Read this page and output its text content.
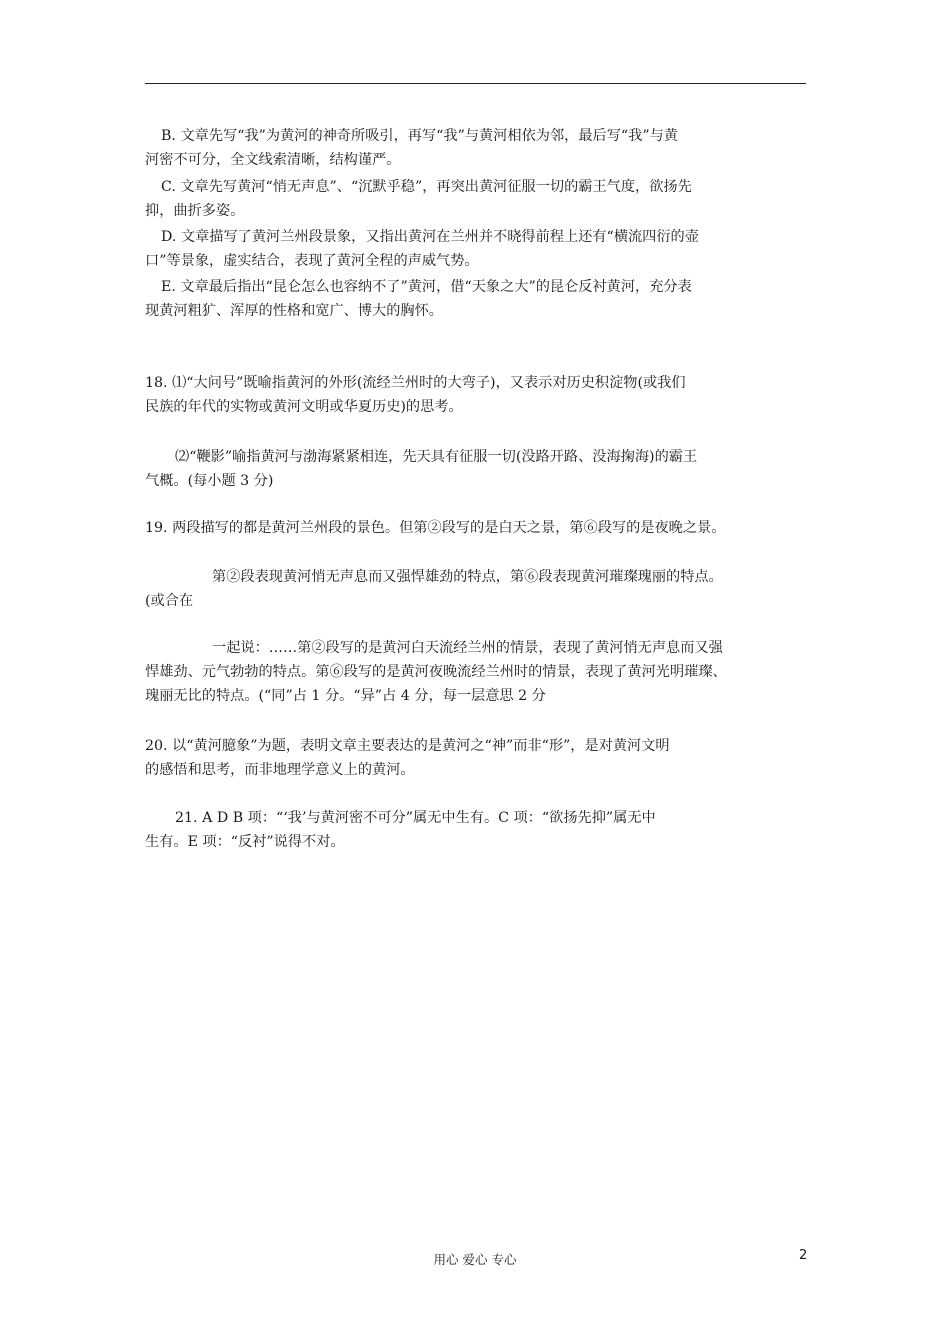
B. 文章先写“我”为黄河的神奇所吸引，再写“我”与黄河相依为邻，最后写“我”与黄
河密不可分，全文线索清晰，结构谨严。
C. 文章先写黄河“悄无声息”、“沉默乎稳”，再突出黄河征服一切的霸王气度，欲扬先
抑，曲折多姿。
D. 文章描写了黄河兰州段景象，又指出黄河在兰州并不晓得前程上还有“横流四衍的壶
口”等景象，虚实结合，表现了黄河全程的声威气势。
E. 文章最后指出“昆仑怎么也容纳不了”黄河，借“天象之大”的昆仑反衬黄河，充分表
现黄河粗犷、浑厚的性格和宽广、博大的胸怀。
18. ⑴“大问号”既喻指黄河的外形(流经兰州时的大弯子)，又表示对历史积淀物(或我们
民族的年代的实物或黄河文明或华夏历史)的思考。
⑵“鞭影”喻指黄河与渤海紧紧相连，先天具有征服一切(没路开路、没海掬海)的霸王
气概。(每小题 3 分)
19. 两段描写的都是黄河兰州段的景色。但第②段写的是白天之景，第⑥段写的是夜晚之景。
第②段表现黄河悄无声息而又强悍雄劲的特点，第⑥段表现黄河璀璨瑰丽的特点。
(或合在
一起说：……第②段写的是黄河白天流经兰州的情景，表现了黄河悄无声息而又强
悍雄劲、元气勃勃的特点。第⑥段写的是黄河夜晚流经兰州时的情景，表现了黄河光明璀璨、
瑰丽无比的特点。(“同”占 1 分。“异”占 4 分，每一层意思 2 分
20. 以“黄河臆象”为题，表明文章主要表达的是黄河之“神”而非“形”，是对黄河文明
的感悟和思考，而非地理学意义上的黄河。
21. A D B 项：“‘我’与黄河密不可分”属无中生有。C 项：“欲扬先抑”属无中
生有。E 项：“反衬”说得不对。
用心 爱心 专心	2
